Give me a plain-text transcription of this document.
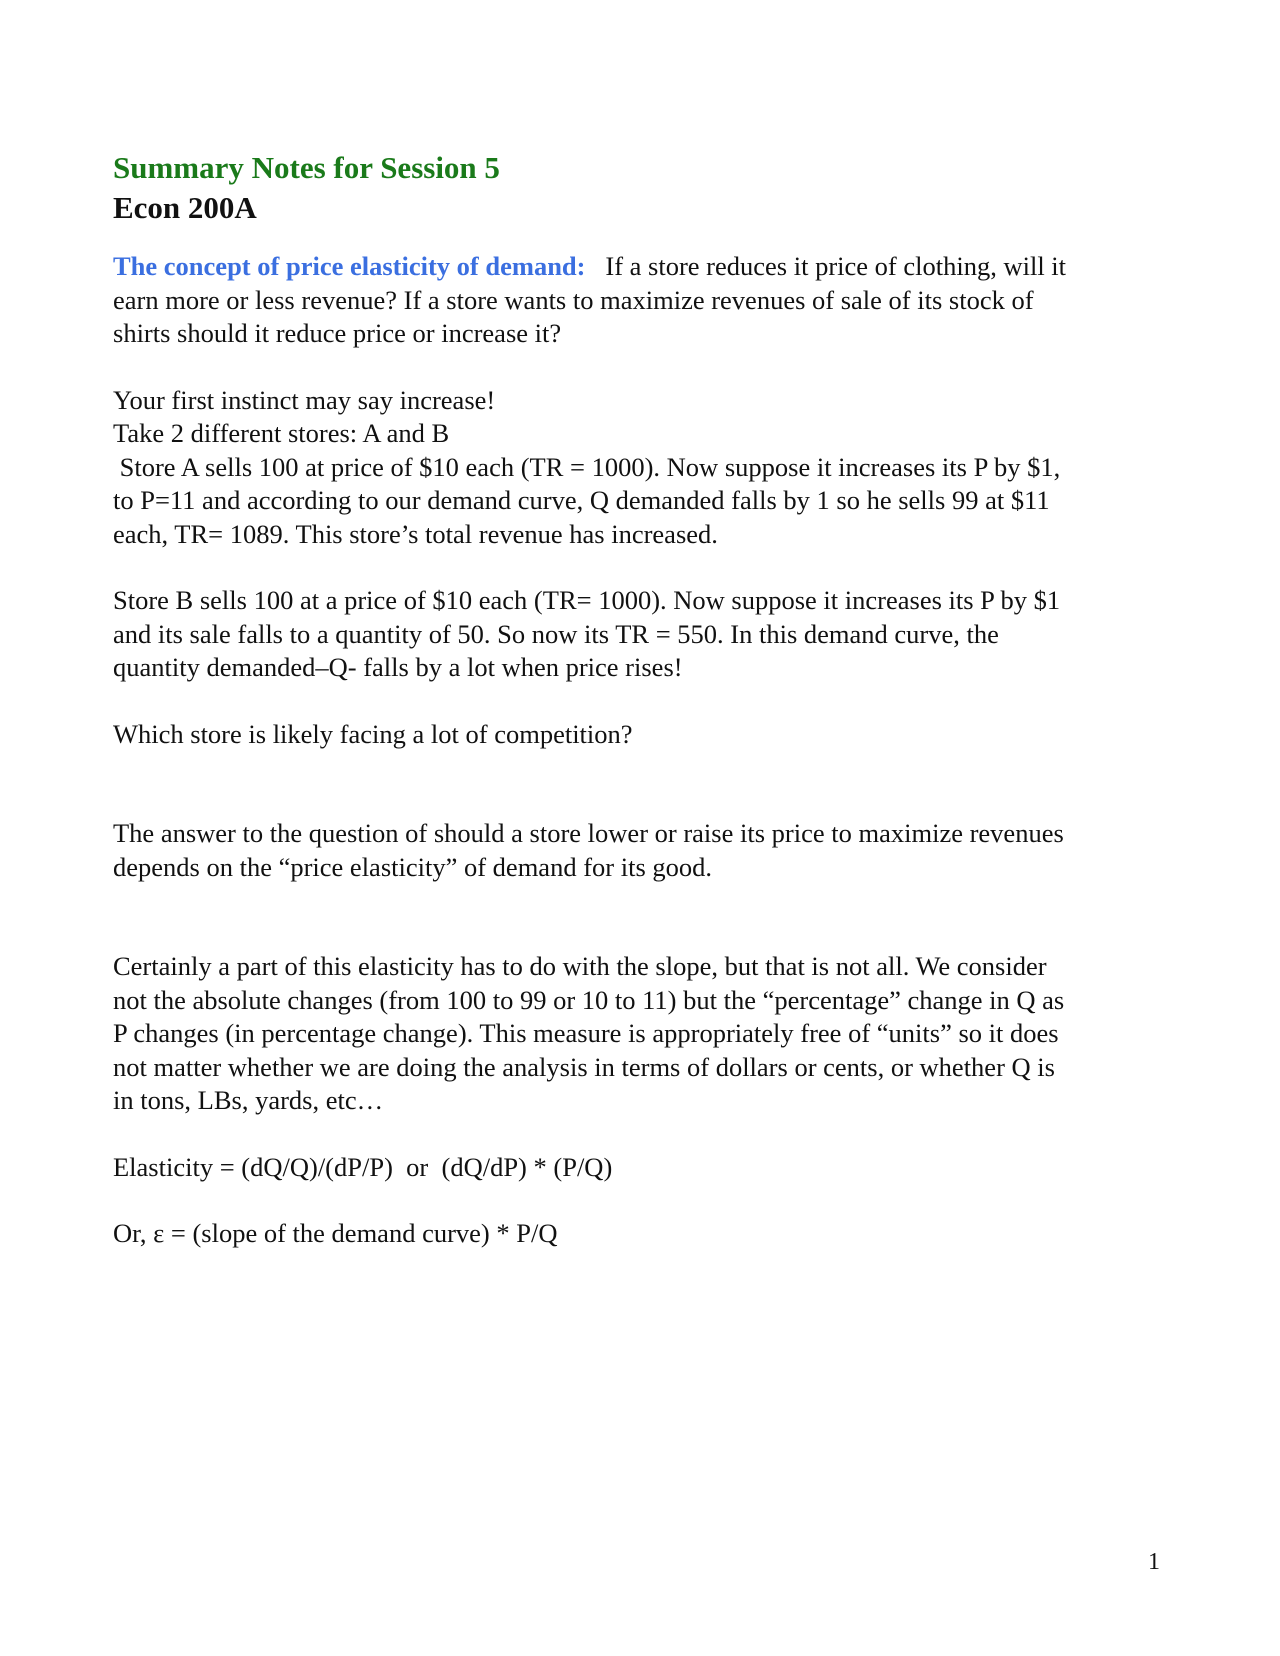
Summary Notes for Session 5
Econ 200A

The concept of price elasticity of demand: If a store reduces it price of clothing, will it
earn more or less revenue? If a store wants to maximize revenues of sale of its stock of
shirts should it reduce price or increase it?

Your first instinct may say increase!
Take 2 different stores: A and B
Store A sells 100 at price of $10 each (TR = 1000). Now suppose it increases its P by $1,
to P=11 and according to our demand curve, Q demanded falls by 1 so he sells 99 at $11
each, TR= 1089. This store’s total revenue has increased.

Store B sells 100 at a price of $10 each (TR= 1000). Now suppose it increases its P by $1
and its sale falls to a quantity of 50. So now its TR = 550. In this demand curve, the
quantity demanded–Q- falls by a lot when price rises!

Which store is likely facing a lot of competition?

The answer to the question of should a store lower or raise its price to maximize revenues
depends on the “price elasticity” of demand for its good.

Certainly a part of this elasticity has to do with the slope, but that is not all. We consider
not the absolute changes (from 100 to 99 or 10 to 11) but the “percentage” change in Q as
P changes (in percentage change). This measure is appropriately free of “units” so it does
not matter whether we are doing the analysis in terms of dollars or cents, or whether Q is
in tons, LBs, yards, etc…

Elasticity = (dQ/Q)/(dP/P)  or  (dQ/dP) * (P/Q)

Or, ε = (slope of the demand curve) * P/Q

1
